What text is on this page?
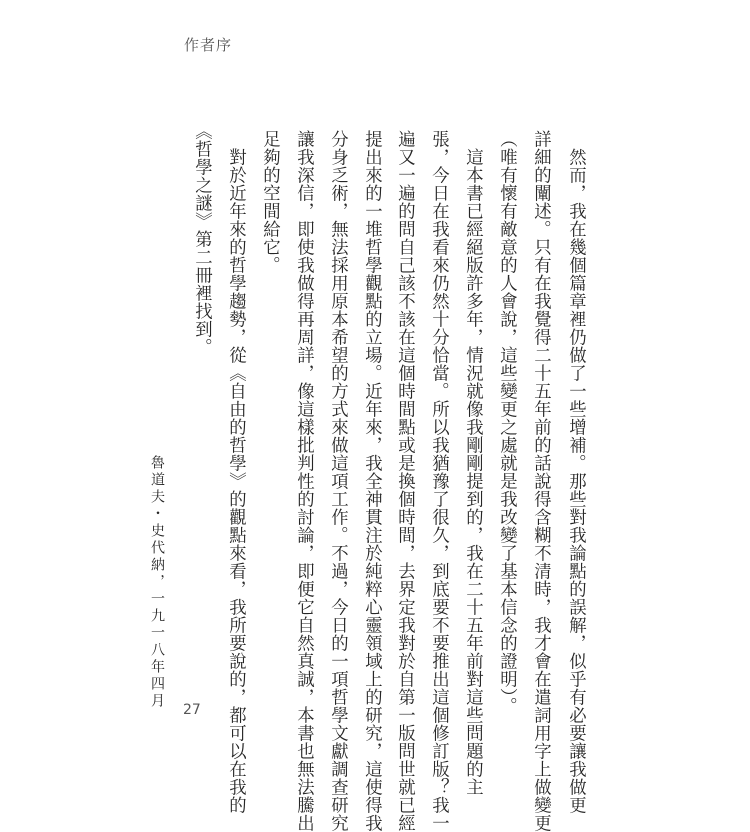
作者序
然而，我在幾個篇章裡仍做了一些增補。那些對我論點的誤解，似乎有必要讓我做更
詳細的闡述。只有在我覺得二十五年前的話說得含糊不清時，我才會在遣詞用字上做變更
（唯有懷有敵意的人會說，這些變更之處就是我改變了基本信念的證明）。
這本書已經絕版許多年，情況就像我剛剛提到的，我在二十五年前對這些問題的主
張，今日在我看來仍然十分恰當。所以我猶豫了很久，到底要不要推出這個修訂版？我一
遍又一遍的問自己該不該在這個時間點或是換個時間，去界定我對於自第一版問世就已經
提出來的一堆哲學觀點的立場。近年來，我全神貫注於純粹心靈領域上的研究，這使得我
分身乏術，無法採用原本希望的方式來做這項工作。不過，今日的一項哲學文獻調查研究
讓我深信，即使我做得再周詳，像這樣批判性的討論，即便它自然真誠，本書也無法騰出
足夠的空間給它。
對於近年來的哲學趨勢，從《自由的哲學》的觀點來看，我所要說的，都可以在我的
《哲學之謎》第二冊裡找到。
魯道夫・史代納，一九一八年四月 27
